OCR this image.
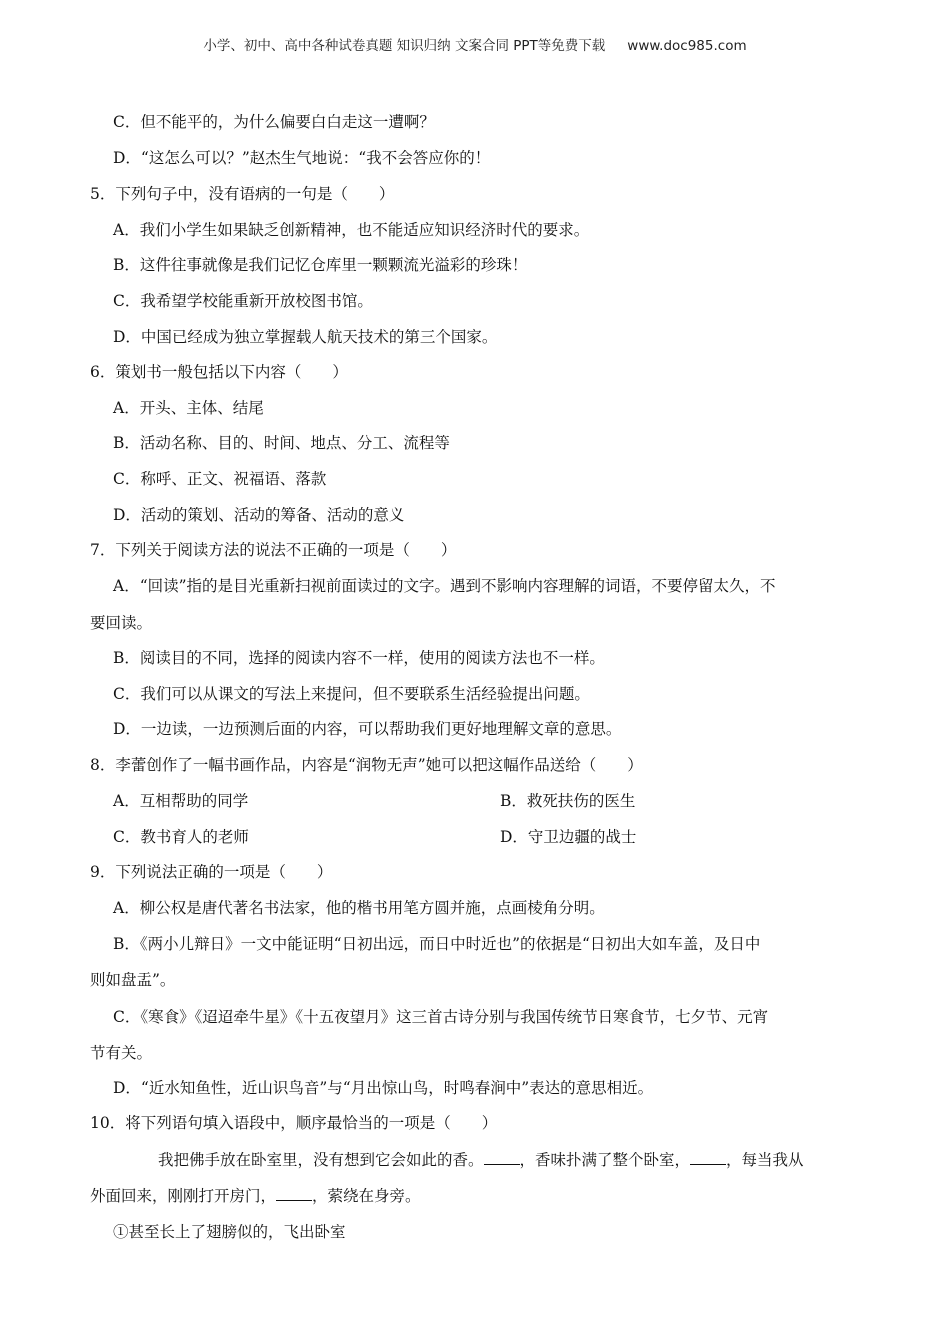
小学、初中、高中各种试卷真题 知识归纳 文案合同 PPT等免费下载 www.doc985.com
C．但不能平的，为什么偏要白白走这一遭啊？
D．“这怎么可以？”赵杰生气地说：“我不会答应你的！
5．下列句子中，没有语病的一句是（　　）
A．我们小学生如果缺乏创新精神，也不能适应知识经济时代的要求。
B．这件往事就像是我们记忆仓库里一颗颗流光溢彩的珍珠！
C．我希望学校能重新开放校图书馆。
D．中国已经成为独立掌握载人航天技术的第三个国家。
6．策划书一般包括以下内容（　　）
A．开头、主体、结尾
B．活动名称、目的、时间、地点、分工、流程等
C．称呼、正文、祝福语、落款
D．活动的策划、活动的筹备、活动的意义
7．下列关于阅读方法的说法不正确的一项是（　　）
A．“回读”指的是目光重新扫视前面读过的文字。遇到不影响内容理解的词语，不要停留太久，不
要回读。
B．阅读目的不同，选择的阅读内容不一样，使用的阅读方法也不一样。
C．我们可以从课文的写法上来提问，但不要联系生活经验提出问题。
D．一边读，一边预测后面的内容，可以帮助我们更好地理解文章的意思。
8．李蕾创作了一幅书画作品，内容是“润物无声”她可以把这幅作品送给（　　）
A．互相帮助的同学	B．救死扶伤的医生
C．教书育人的老师	D．守卫边疆的战士
9．下列说法正确的一项是（　　）
A．柳公权是唐代著名书法家，他的楷书用笔方圆并施，点画棱角分明。
B．《两小儿辩日》一文中能证明“日初出远，而日中时近也”的依据是“日初出大如车盖，及日中
则如盘盂”。
C．《寒食》《迢迢牵牛星》《十五夜望月》这三首古诗分别与我国传统节日寒食节，七夕节、元宵
节有关。
D．“近水知鱼性，近山识鸟音”与“月出惊山鸟，时鸣春涧中”表达的意思相近。
10．将下列语句填入语段中，顺序最恰当的一项是（　　）
我把佛手放在卧室里，没有想到它会如此的香。 ，香味扑满了整个卧室， ，每当我从
外面回来，刚刚打开房门， ，萦绕在身旁。
①甚至长上了翅膀似的，飞出卧室
